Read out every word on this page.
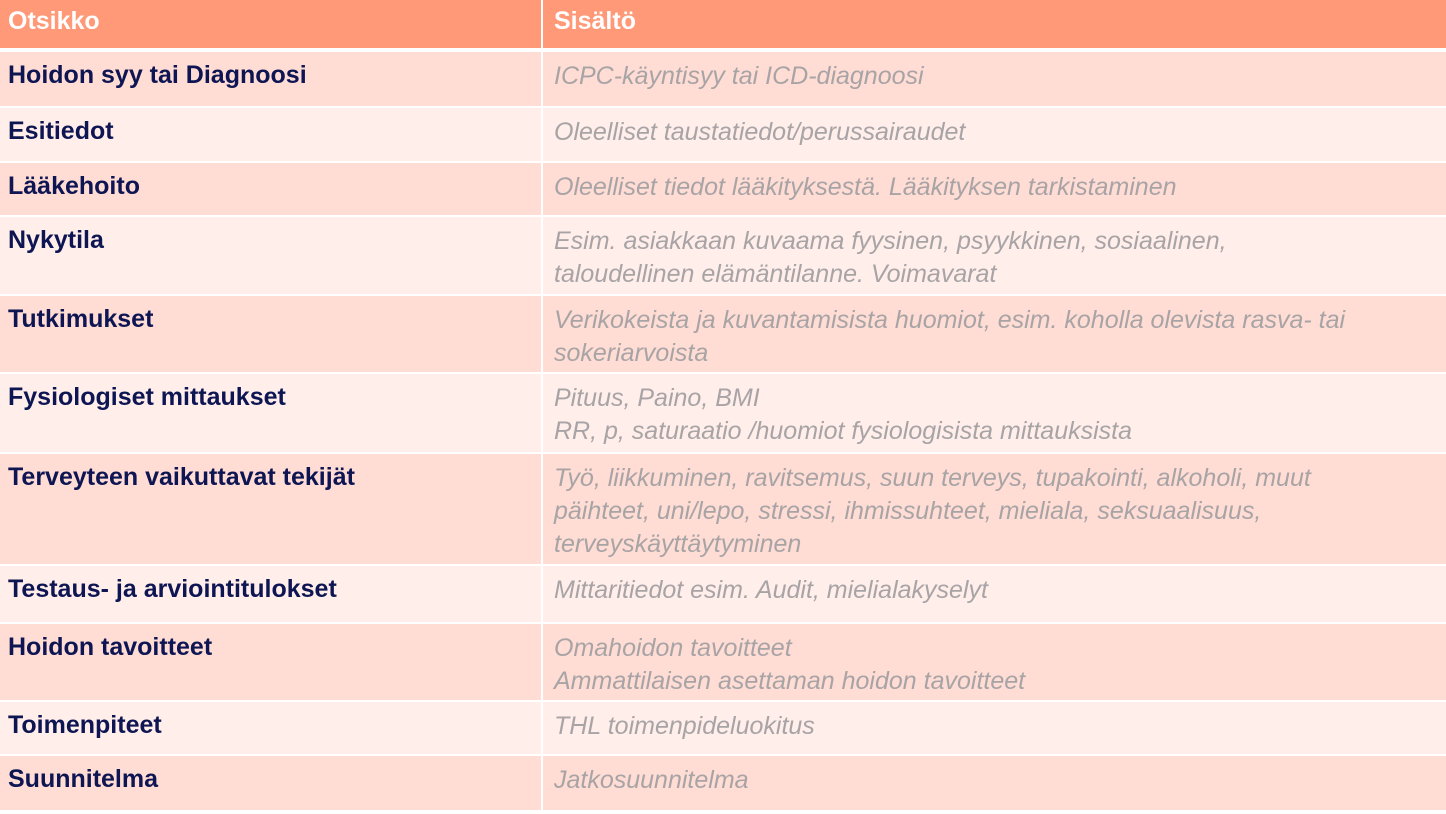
Otsikko	Sisältö
Hoidon syy tai Diagnoosi	ICPC-käyntisyy tai ICD-diagnoosi
Esitiedot	Oleelliset taustatiedot/perussairaudet
Lääkehoito	Oleelliset tiedot lääkityksestä. Lääkityksen tarkistaminen
Nykytila	Esim. asiakkaan kuvaama fyysinen, psyykkinen, sosiaalinen,
taloudellinen elämäntilanne. Voimavarat
Tutkimukset	Verikokeista ja kuvantamisista huomiot, esim. koholla olevista rasva- tai
sokeriarvoista
Fysiologiset mittaukset	Pituus, Paino, BMI
RR, p, saturaatio /huomiot fysiologisista mittauksista
Terveyteen vaikuttavat tekijät	Työ, liikkuminen, ravitsemus, suun terveys, tupakointi, alkoholi, muut
päihteet, uni/lepo, stressi, ihmissuhteet, mieliala, seksuaalisuus,
terveyskäyttäytyminen
Testaus- ja arviointitulokset	Mittaritiedot esim. Audit, mielialakyselyt
Hoidon tavoitteet	Omahoidon tavoitteet
Ammattilaisen asettaman hoidon tavoitteet
Toimenpiteet	THL toimenpideluokitus
Suunnitelma	Jatkosuunnitelma
